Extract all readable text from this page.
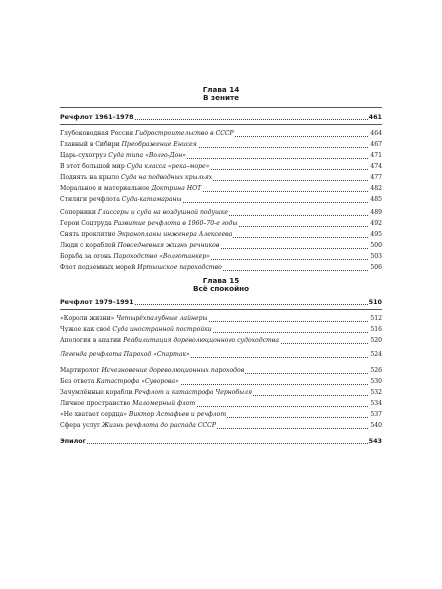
Глава 14
В зените
Речфлот 1961–1978	461
Глубоководная Россия Гидростроительство в СССР	464
Главный в Сибири Преображение Енисея	467
Царь-сухогруз Суда типа «Волго-Дон»	471
В этот большой мир Суда класса «река–море»	474
Поднять на крыло Суда на подводных крыльях	477
Моральное и материальное Доктрина НОТ	482
Стиляги речфлота Суда-катамараны	485
Соперники Глиссеры и суда на воздушной подушке	489
Герои Соцтруда Развитие речфлота в 1960–70-е годы	492
Снять проклятие Экранопланы инженера Алексеева	495
Люди с кораблей Повседневная жизнь речников	500
Борьба за огонь Пароходство «Волготанкер»	503
Флот подземных морей Иртышское пароходство	506
Глава 15
Всё спокойно
Речфлот 1979–1991	510
«Короли жизни» Четырёхпалубные лайнеры	512
Чужое как своё Суда иностранной постройки	516
Апология в апатии Реабилитация дореволюционного судоходства	520
Легенда речфлота Пароход «Спартак»	524
Мартиролог Исчезновение дореволюционных пароходов	526
Без ответа Катастрофа «Суворова»	530
Зачумлённые корабли Речфлот и катастрофа Чернобыля	532
Личное пространство Маломерный флот	534
«Не хватает сердца» Виктор Астафьев и речфлот	537
Сфера услуг Жизнь речфлота до распада СССР	540
Эпилог	543
